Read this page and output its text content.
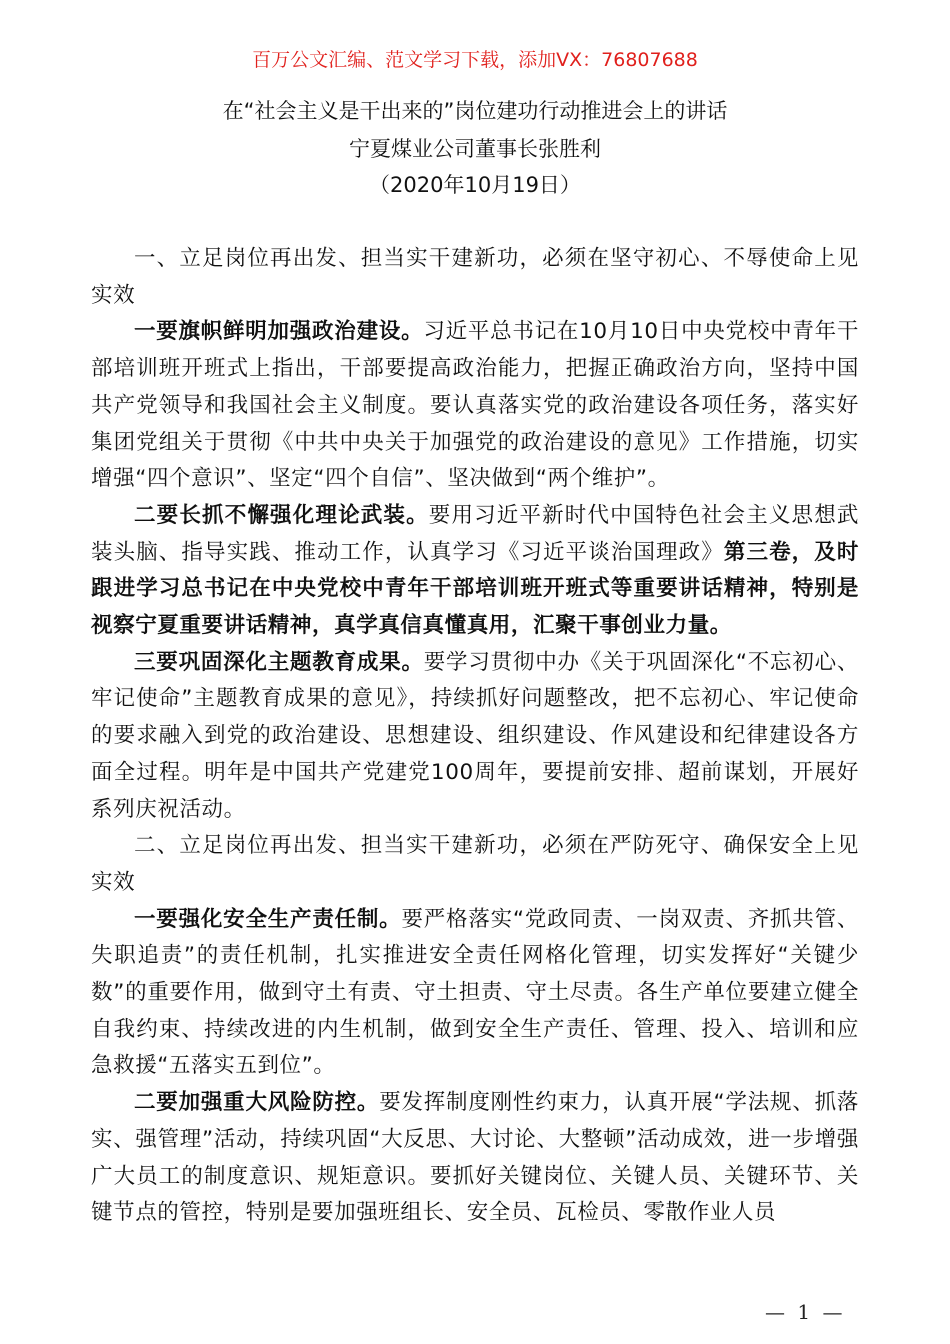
百万公文汇编、范文学习下载，添加VX：76807688
在“社会主义是干出来的”岗位建功行动推进会上的讲话
宁夏煤业公司董事长张胜利
（2020年10月19日）

一、立足岗位再出发、担当实干建新功，必须在坚守初心、不辱使命上见实效

一要旗帜鲜明加强政治建设。习近平总书记在10月10日中央党校中青年干部培训班开班式上指出，干部要提高政治能力，把握正确政治方向，坚持中国共产党领导和我国社会主义制度。要认真落实党的政治建设各项任务，落实好集团党组关于贯彻《中共中央关于加强党的政治建设的意见》工作措施，切实增强“四个意识”、坚定“四个自信”、坚决做到“两个维护”。

二要长抓不懈强化理论武装。要用习近平新时代中国特色社会主义思想武装头脑、指导实践、推动工作，认真学习《习近平谈治国理政》第三卷，及时跟进学习总书记在中央党校中青年干部培训班开班式等重要讲话精神，特别是视察宁夏重要讲话精神，真学真信真懂真用，汇聚干事创业力量。

三要巩固深化主题教育成果。要学习贯彻中办《关于巩固深化“不忘初心、牢记使命”主题教育成果的意见》，持续抓好问题整改，把不忘初心、牢记使命的要求融入到党的政治建设、思想建设、组织建设、作风建设和纪律建设各方面全过程。明年是中国共产党建党100周年，要提前安排、超前谋划，开展好系列庆祝活动。

二、立足岗位再出发、担当实干建新功，必须在严防死守、确保安全上见实效

一要强化安全生产责任制。要严格落实“党政同责、一岗双责、齐抓共管、失职追责”的责任机制，扎实推进安全责任网格化管理，切实发挥好“关键少数”的重要作用，做到守土有责、守土担责、守土尽责。各生产单位要建立健全自我约束、持续改进的内生机制，做到安全生产责任、管理、投入、培训和应急救援“五落实五到位”。

二要加强重大风险防控。要发挥制度刚性约束力，认真开展“学法规、抓落实、强管理”活动，持续巩固“大反思、大讨论、大整顿”活动成效，进一步增强广大员工的制度意识、规矩意识。要抓好关键岗位、关键人员、关键环节、关键节点的管控，特别是要加强班组长、安全员、瓦检员、零散作业人员

— 1 —
